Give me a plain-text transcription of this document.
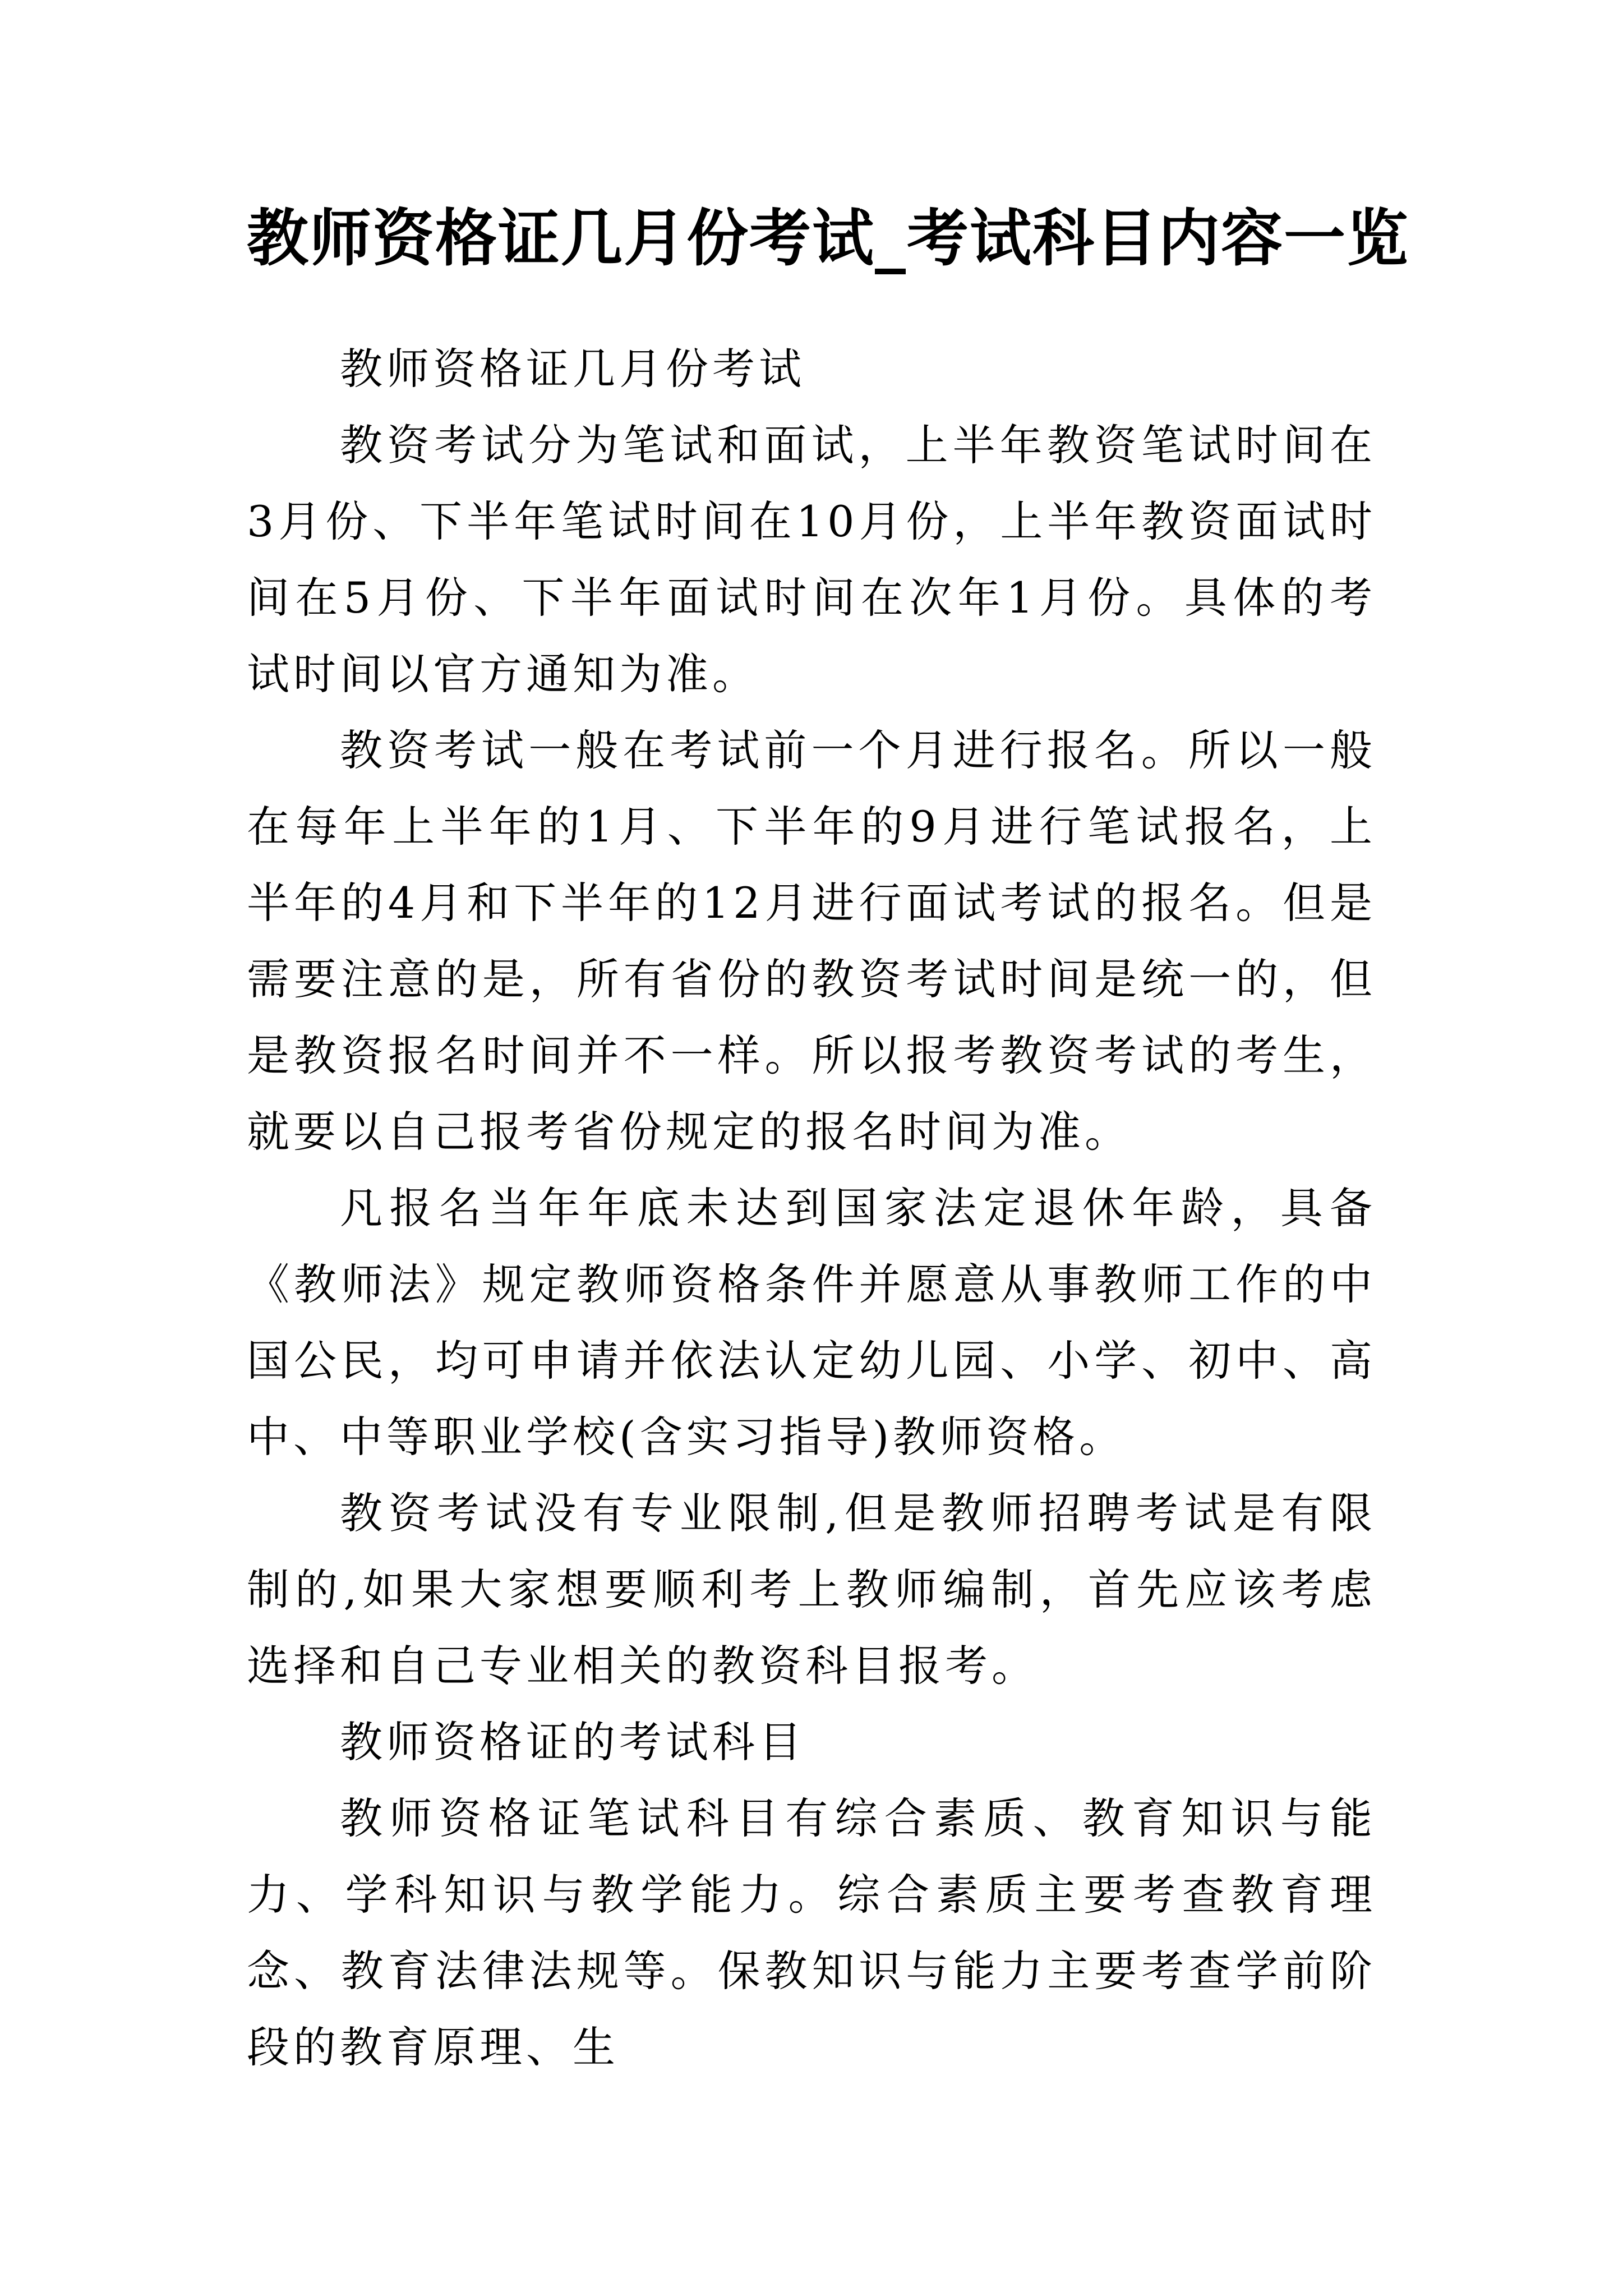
教师资格证几月份考试_考试科目内容一览

教师资格证几月份考试

教资考试分为笔试和面试，上半年教资笔试时间在3月份、下半年笔试时间在10月份，上半年教资面试时间在5月份、下半年面试时间在次年1月份。具体的考试时间以官方通知为准。

教资考试一般在考试前一个月进行报名。所以一般在每年上半年的1月、下半年的9月进行笔试报名，上半年的4月和下半年的12月进行面试考试的报名。但是需要注意的是，所有省份的教资考试时间是统一的，但是教资报名时间并不一样。所以报考教资考试的考生，就要以自己报考省份规定的报名时间为准。

凡报名当年年底未达到国家法定退休年龄，具备《教师法》规定教师资格条件并愿意从事教师工作的中国公民，均可申请并依法认定幼儿园、小学、初中、高中、中等职业学校(含实习指导)教师资格。

教资考试没有专业限制,但是教师招聘考试是有限制的,如果大家想要顺利考上教师编制，首先应该考虑选择和自己专业相关的教资科目报考。

教师资格证的考试科目

教师资格证笔试科目有综合素质、教育知识与能力、学科知识与教学能力。综合素质主要考查教育理念、教育法律法规等。保教知识与能力主要考查学前阶段的教育原理、生
